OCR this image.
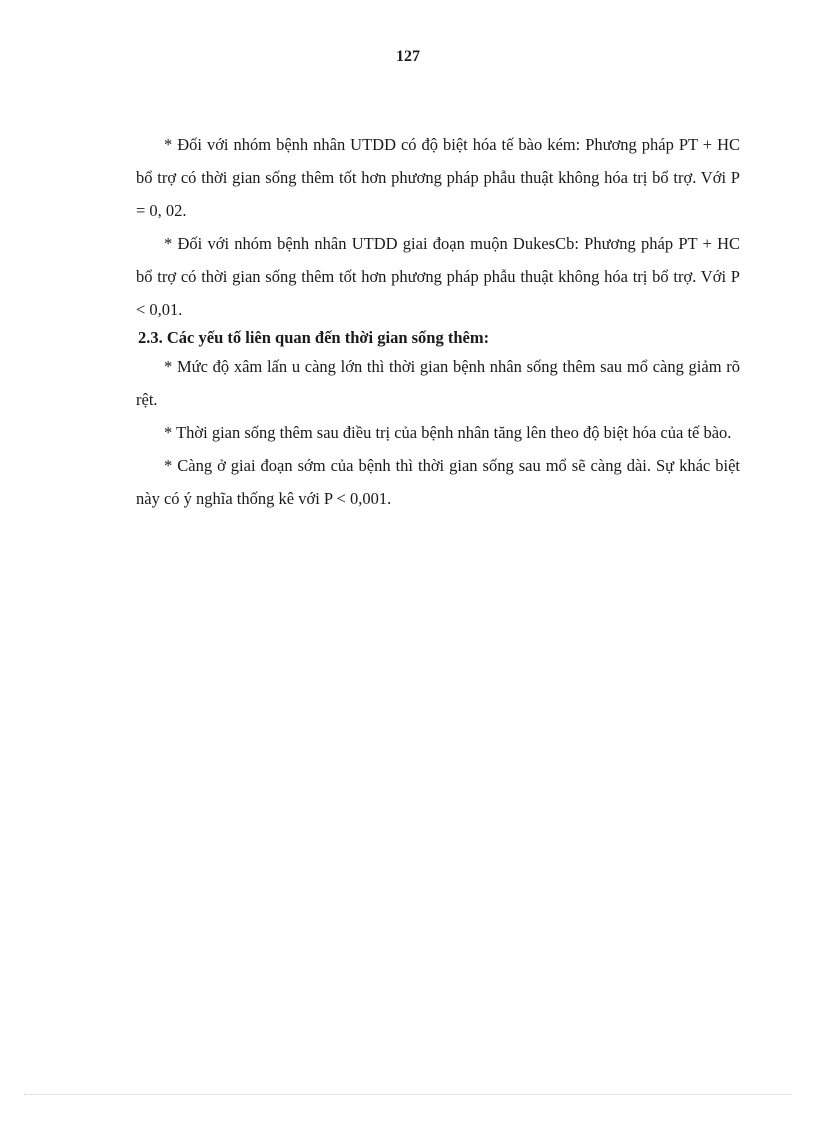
127

* Đối với nhóm bệnh nhân UTDD có độ biệt hóa tế bào kém: Phương pháp PT + HC bổ trợ có thời gian sống thêm tốt hơn phương pháp phẫu thuật không hóa trị bổ trợ. Với P = 0, 02.

* Đối với nhóm bệnh nhân UTDD giai đoạn muộn DukesCb: Phương pháp PT + HC bổ trợ có thời gian sống thêm tốt hơn phương pháp phẫu thuật không hóa trị bổ trợ. Với P < 0,01.

2.3. Các yếu tố liên quan đến thời gian sống thêm:

* Mức độ xâm lấn u càng lớn thì thời gian bệnh nhân sống thêm sau mổ càng giảm rõ rệt.

* Thời gian sống thêm sau điều trị của bệnh nhân tăng lên theo độ biệt hóa của tế bào.

* Càng ở giai đoạn sớm của bệnh thì thời gian sống sau mổ sẽ càng dài. Sự khác biệt này có ý nghĩa thống kê với P < 0,001.
